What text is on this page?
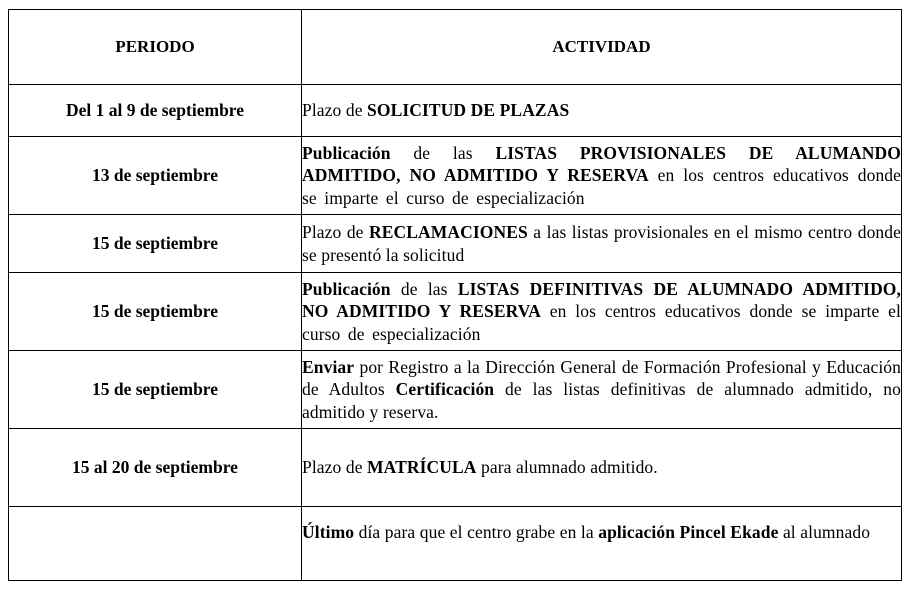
PERIODO	ACTIVIDAD
Del 1 al 9 de septiembre	Plazo de SOLICITUD DE PLAZAS
13 de septiembre	Publicación de las LISTAS PROVISIONALES DE ALUMANDO ADMITIDO, NO ADMITIDO Y RESERVA en los centros educativos donde se imparte el curso de especialización
15 de septiembre	Plazo de RECLAMACIONES a las listas provisionales en el mismo centro donde se presentó la solicitud
15 de septiembre	Publicación de las LISTAS DEFINITIVAS DE ALUMNADO ADMITIDO, NO ADMITIDO Y RESERVA en los centros educativos donde se imparte el curso de especialización
15 de septiembre	Enviar por Registro a la Dirección General de Formación Profesional y Educación de Adultos Certificación de las listas definitivas de alumnado admitido, no admitido y reserva.
15 al 20 de septiembre	Plazo de MATRÍCULA para alumnado admitido.
	Último día para que el centro grabe en la aplicación Pincel Ekade al alumnado
